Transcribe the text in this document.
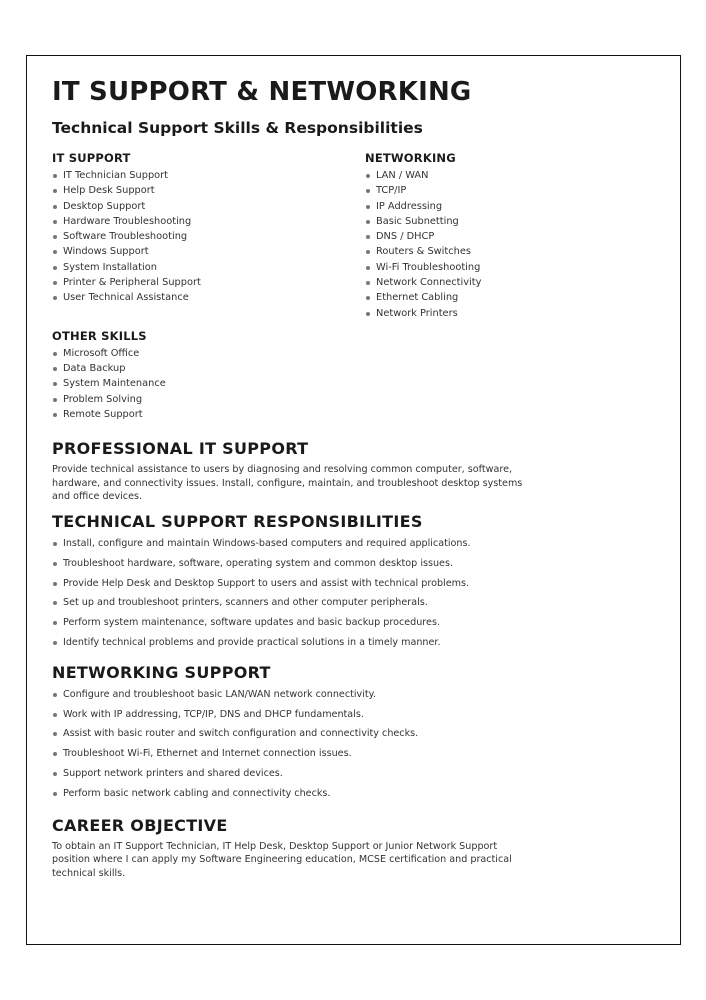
IT SUPPORT & NETWORKING
Technical Support Skills & Responsibilities
IT SUPPORT
IT Technician Support
Help Desk Support
Desktop Support
Hardware Troubleshooting
Software Troubleshooting
Windows Support
System Installation
Printer & Peripheral Support
User Technical Assistance
OTHER SKILLS
Microsoft Office
Data Backup
System Maintenance
Problem Solving
Remote Support
NETWORKING
LAN / WAN
TCP/IP
IP Addressing
Basic Subnetting
DNS / DHCP
Routers & Switches
Wi-Fi Troubleshooting
Network Connectivity
Ethernet Cabling
Network Printers
PROFESSIONAL IT SUPPORT
Provide technical assistance to users by diagnosing and resolving common computer, software, hardware, and connectivity issues. Install, configure, maintain, and troubleshoot desktop systems and office devices.
TECHNICAL SUPPORT RESPONSIBILITIES
Install, configure and maintain Windows-based computers and required applications.
Troubleshoot hardware, software, operating system and common desktop issues.
Provide Help Desk and Desktop Support to users and assist with technical problems.
Set up and troubleshoot printers, scanners and other computer peripherals.
Perform system maintenance, software updates and basic backup procedures.
Identify technical problems and provide practical solutions in a timely manner.
NETWORKING SUPPORT
Configure and troubleshoot basic LAN/WAN network connectivity.
Work with IP addressing, TCP/IP, DNS and DHCP fundamentals.
Assist with basic router and switch configuration and connectivity checks.
Troubleshoot Wi-Fi, Ethernet and Internet connection issues.
Support network printers and shared devices.
Perform basic network cabling and connectivity checks.
CAREER OBJECTIVE
To obtain an IT Support Technician, IT Help Desk, Desktop Support or Junior Network Support position where I can apply my Software Engineering education, MCSE certification and practical technical skills.
